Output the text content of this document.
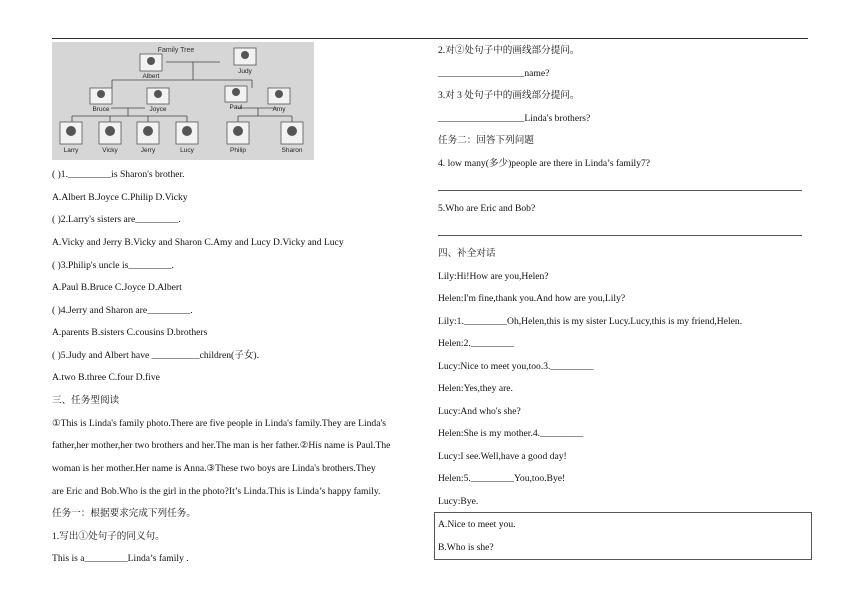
Family Tree
Albert
Judy
Bruce	Joyce	Paul	Amy
Larry	Vicky	Jerry	Lucy	Philip	Sharon
( )1._________is Sharon's brother.
A.Albert B.Joyce C.Philip D.Vicky
( )2.Larry's sisters are_________.
A.Vicky and Jerry B.Vicky and Sharon C.Amy and Lucy D.Vicky and Lucy
( )3.Philip's uncle is_________.
A.Paul B.Bruce C.Joyce D.Albert
( )4.Jerry and Sharon are_________.
A.parents B.sisters C.cousins D.brothers
( )5.Judy and Albert have __________children(子女).
A.two B.three C.four D.five
三、任务型阅读
①This is Linda's family photo.There are five people in Linda's family.They are Linda's
father,her mother,her two brothers and her.The man is her father.②His name is Paul.The
woman is her mother.Her name is Anna.③These two boys are Linda's brothers.They
are Eric and Bob.Who is the girl in the photo?It’s Linda.This is Linda’s happy family.
任务一：根据要求完成下列任务。
1.写出①处句子的同义句。
This is a_________Linda’s family .
2.对②处句子中的画线部分提问。
__________________name?
3.对 3 处句子中的画线部分提问。
__________________Linda's brothers?
任务二：回答下列问题
4. low many(多少)people are there in Linda’s family7?
5.Who are Eric and Bob?
四、补全对话
Lily:Hi!How are you,Helen?
Helen:I'm fine,thank you.And how are you,Lily?
Lily:1._________Oh,Helen,this is my sister Lucy.Lucy,this is my friend,Helen.
Helen:2._________
Lucy:Nice to meet you,too.3._________
Helen:Yes,they are.
Lucy:And who's she?
Helen:She is my mother.4._________
Lucy:I see.Well,have a good day!
Helen:5._________You,too.Bye!
Lucy:Bye.
A.Nice to meet you.
B.Who is she?
